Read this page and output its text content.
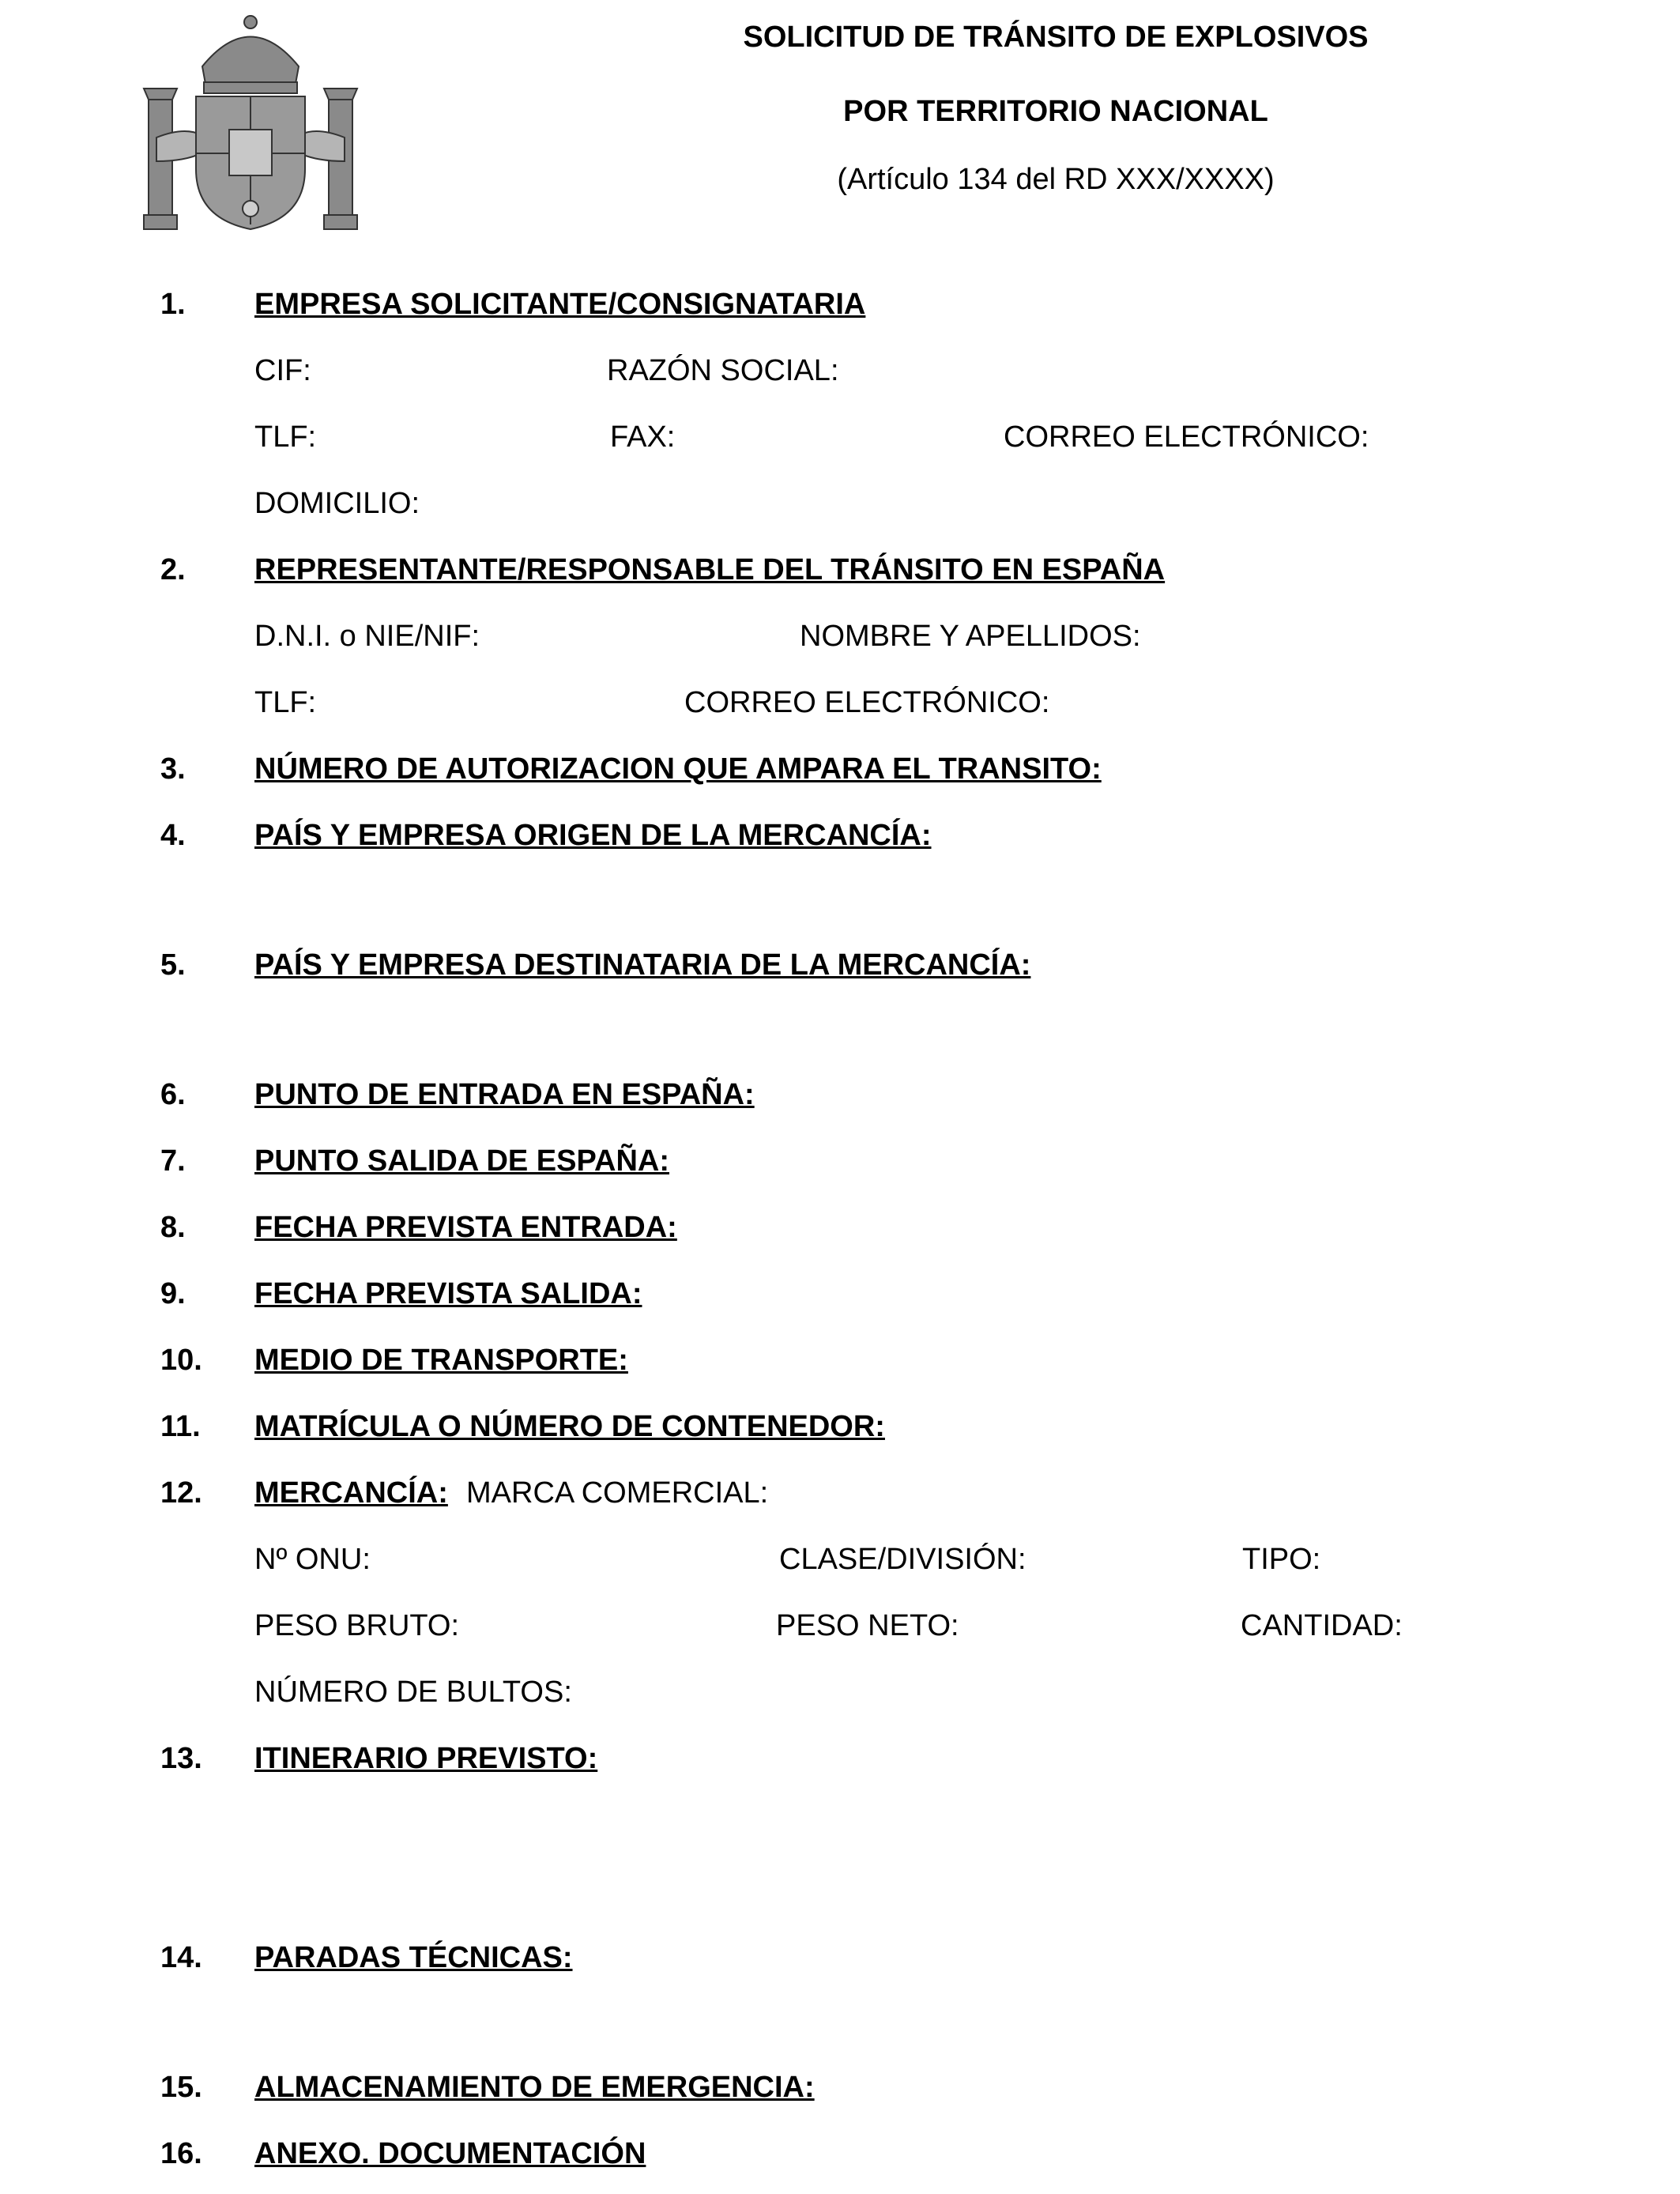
SOLICITUD DE TRÁNSITO DE EXPLOSIVOS
POR TERRITORIO NACIONAL
(Artículo 134 del RD XXX/XXXX)
1. EMPRESA SOLICITANTE/CONSIGNATARIA
CIF:	RAZÓN SOCIAL:
TLF:	FAX:	CORREO ELECTRÓNICO:
DOMICILIO:
2. REPRESENTANTE/RESPONSABLE DEL TRÁNSITO EN ESPAÑA
D.N.I. o NIE/NIF:	NOMBRE Y APELLIDOS:
TLF:	CORREO ELECTRÓNICO:
3. NÚMERO DE AUTORIZACION QUE AMPARA EL TRANSITO:
4. PAÍS Y EMPRESA ORIGEN DE LA MERCANCÍA:
5. PAÍS Y EMPRESA DESTINATARIA DE LA MERCANCÍA:
6. PUNTO DE ENTRADA EN ESPAÑA:
7. PUNTO SALIDA DE ESPAÑA:
8. FECHA PREVISTA ENTRADA:
9. FECHA PREVISTA SALIDA:
10. MEDIO DE TRANSPORTE:
11. MATRÍCULA O NÚMERO DE CONTENEDOR:
12. MERCANCÍA: MARCA COMERCIAL:
Nº ONU:	CLASE/DIVISIÓN:	TIPO:
PESO BRUTO:	PESO NETO:	CANTIDAD:
NÚMERO DE BULTOS:
13. ITINERARIO PREVISTO:
14. PARADAS TÉCNICAS:
15. ALMACENAMIENTO DE EMERGENCIA:
16. ANEXO. DOCUMENTACIÓN
